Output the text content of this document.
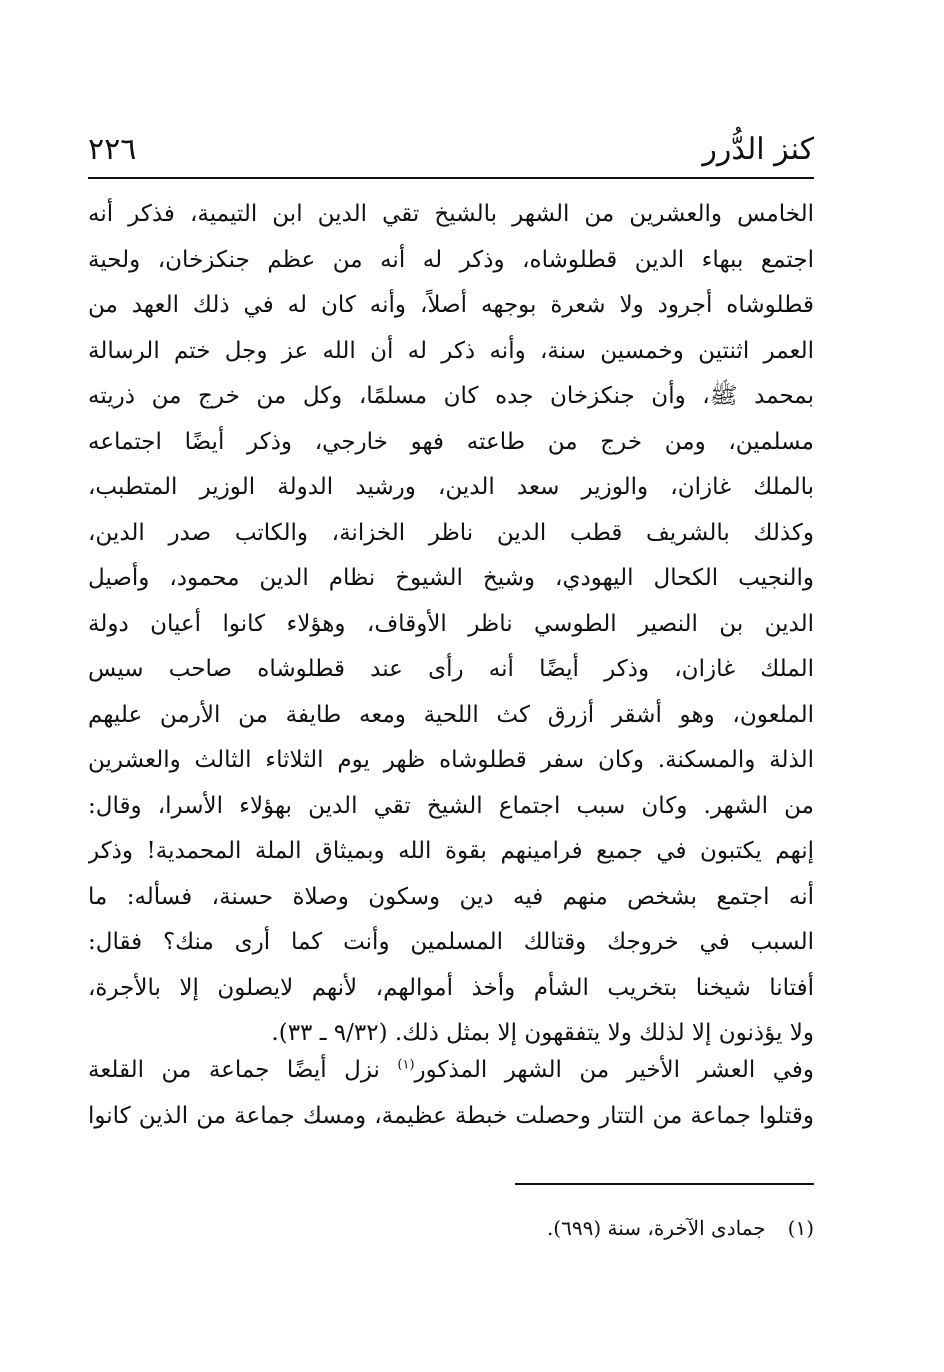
كنز الدُّرر
٢٢٦
الخامس والعشرين من الشهر بالشيخ تقي الدين ابن التيمية، فذكر أنه
اجتمع ببهاء الدين قطلوشاه، وذكر له أنه من عظم جنكزخان، ولحية
قطلوشاه أجرود ولا شعرة بوجهه أصلاً، وأنه كان له في ذلك العهد من
العمر اثنتين وخمسين سنة، وأنه ذكر له أن الله عز وجل ختم الرسالة
بمحمد ﷺ، وأن جنكزخان جده كان مسلمًا، وكل من خرج من ذريته
مسلمين، ومن خرج من طاعته فهو خارجي، وذكر أيضًا اجتماعه
بالملك غازان، والوزير سعد الدين، ورشيد الدولة الوزير المتطبب،
وكذلك بالشريف قطب الدين ناظر الخزانة، والكاتب صدر الدين،
والنجيب الكحال اليهودي، وشيخ الشيوخ نظام الدين محمود، وأصيل
الدين بن النصير الطوسي ناظر الأوقاف، وهؤلاء كانوا أعيان دولة
الملك غازان، وذكر أيضًا أنه رأى عند قطلوشاه صاحب سيس
الملعون، وهو أشقر أزرق كث اللحية ومعه طايفة من الأرمن عليهم
الذلة والمسكنة. وكان سفر قطلوشاه ظهر يوم الثلاثاء الثالث والعشرين
من الشهر. وكان سبب اجتماع الشيخ تقي الدين بهؤلاء الأسرا، وقال:
إنهم يكتبون في جميع فرامينهم بقوة الله وبميثاق الملة المحمدية! وذكر
أنه اجتمع بشخص منهم فيه دين وسكون وصلاة حسنة، فسأله: ما
السبب في خروجك وقتالك المسلمين وأنت كما أرى منك؟ فقال:
أفتانا شيخنا بتخريب الشأم وأخذ أموالهم، لأنهم لايصلون إلا بالأجرة،
ولا يؤذنون إلا لذلك ولا يتفقهون إلا بمثل ذلك. (٩/٣٢ ـ ٣٣).
وفي العشر الأخير من الشهر المذكور$^{(١)}$ نزل أيضًا جماعة من القلعة
وقتلوا جماعة من التتار وحصلت خبطة عظيمة، ومسك جماعة من الذين كانوا
(١)جمادى الآخرة، سنة (٦٩٩).
